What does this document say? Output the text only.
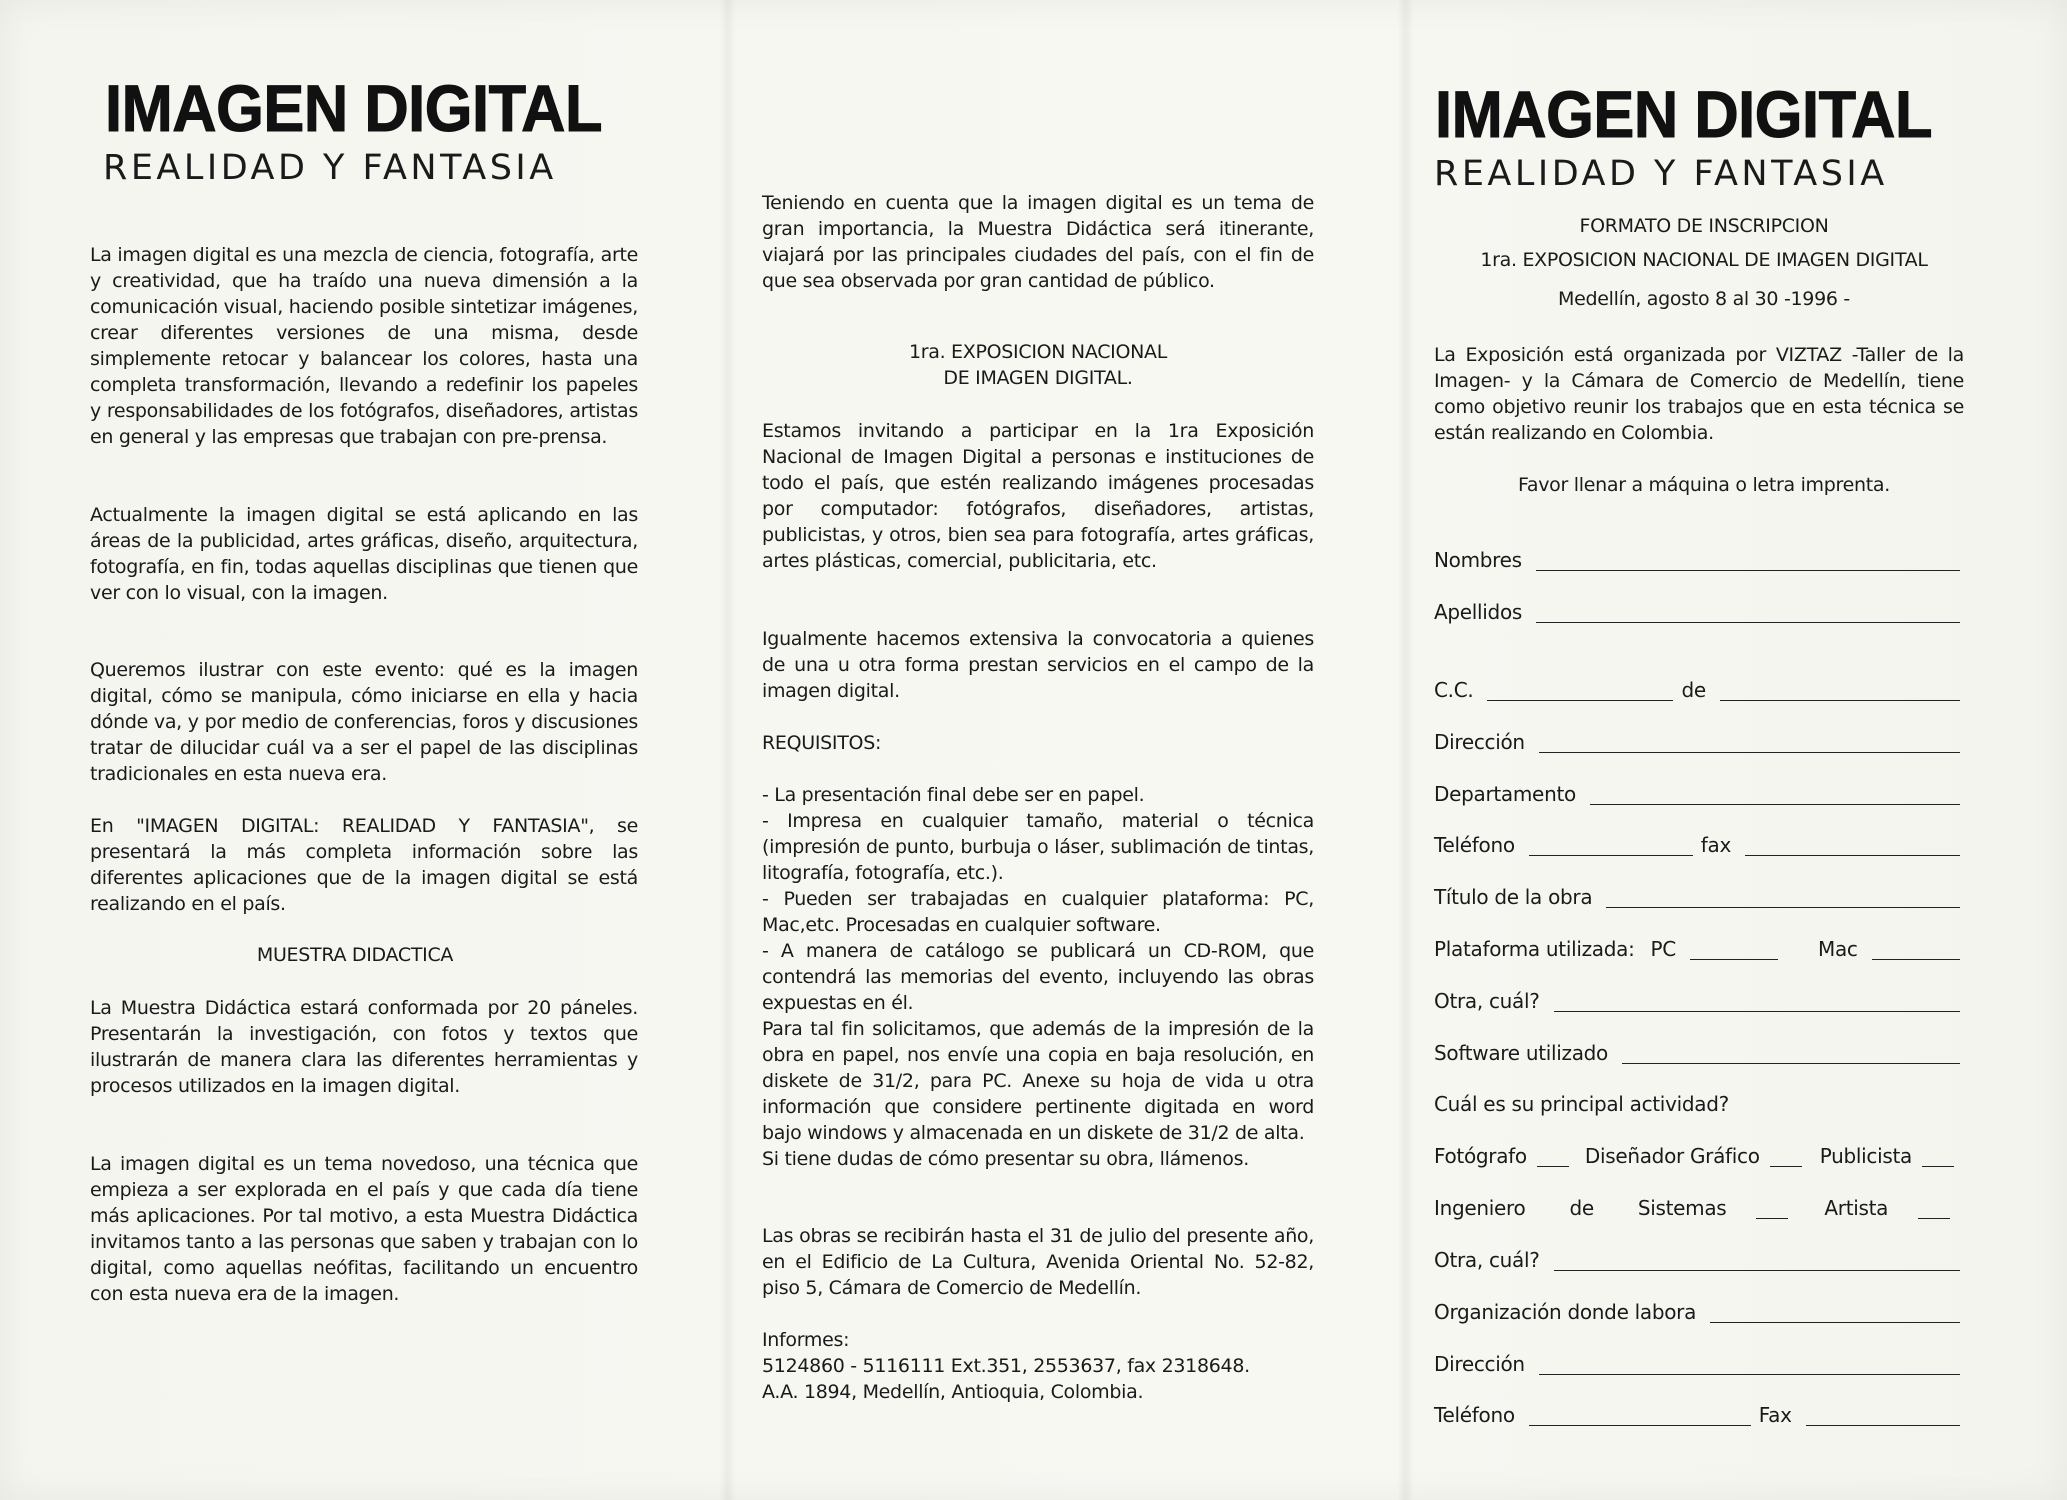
IMAGEN DIGITAL
REALIDAD Y FANTASIA

La imagen digital es una mezcla de ciencia, fotografía, arte y creatividad, que ha traído una nueva dimensión a la comunicación visual, haciendo posible sintetizar imágenes, crear diferentes versiones de una misma, desde simplemente retocar y balancear los colores, hasta una completa transformación, llevando a redefinir los papeles y responsabilidades de los fotógrafos, diseñadores, artistas en general y las empresas que trabajan con pre-prensa.

Actualmente la imagen digital se está aplicando en las áreas de la publicidad, artes gráficas, diseño, arquitectura, fotografía, en fin, todas aquellas disciplinas que tienen que ver con lo visual, con la imagen.

Queremos ilustrar con este evento: qué es la imagen digital, cómo se manipula, cómo iniciarse en ella y hacia dónde va, y por medio de conferencias, foros y discusiones tratar de dilucidar cuál va a ser el papel de las disciplinas tradicionales en esta nueva era.

En "IMAGEN DIGITAL: REALIDAD Y FANTASIA", se presentará la más completa información sobre las diferentes aplicaciones que de la imagen digital se está realizando en el país.

MUESTRA DIDACTICA

La Muestra Didáctica estará conformada por 20 páneles. Presentarán la investigación, con fotos y textos que ilustrarán de manera clara las diferentes herramientas y procesos utilizados en la imagen digital.

La imagen digital es un tema novedoso, una técnica que empieza a ser explorada en el país y que cada día tiene más aplicaciones. Por tal motivo, a esta Muestra Didáctica invitamos tanto a las personas que saben y trabajan con lo digital, como aquellas neófitas, facilitando un encuentro con esta nueva era de la imagen.

Teniendo en cuenta que la imagen digital es un tema de gran importancia, la Muestra Didáctica será itinerante, viajará por las principales ciudades del país, con el fin de que sea observada por gran cantidad de público.

1ra. EXPOSICION NACIONAL
DE IMAGEN DIGITAL.

Estamos invitando a participar en la 1ra Exposición Nacional de Imagen Digital a personas e instituciones de todo el país, que estén realizando imágenes procesadas por computador: fotógrafos, diseñadores, artistas, publicistas, y otros, bien sea para fotografía, artes gráficas, artes plásticas, comercial, publicitaria, etc.

Igualmente hacemos extensiva la convocatoria a quienes de una u otra forma prestan servicios en el campo de la imagen digital.

REQUISITOS:

- La presentación final debe ser en papel.
- Impresa en cualquier tamaño, material o técnica (impresión de punto, burbuja o láser, sublimación de tintas, litografía, fotografía, etc.).
- Pueden ser trabajadas en cualquier plataforma: PC, Mac,etc. Procesadas en cualquier software.
- A manera de catálogo se publicará un CD-ROM, que contendrá las memorias del evento, incluyendo las obras expuestas en él.
Para tal fin solicitamos, que además de la impresión de la obra en papel, nos envíe una copia en baja resolución, en diskete de 31/2, para PC. Anexe su hoja de vida u otra información que considere pertinente digitada en word bajo windows y almacenada en un diskete de 31/2 de alta.
Si tiene dudas de cómo presentar su obra, llámenos.

Las obras se recibirán hasta el 31 de julio del presente año, en el Edificio de La Cultura, Avenida Oriental No. 52-82, piso 5, Cámara de Comercio de Medellín.

Informes:
5124860 - 5116111 Ext.351, 2553637, fax 2318648.
A.A. 1894, Medellín, Antioquia, Colombia.
IMAGEN DIGITAL
REALIDAD Y FANTASIA
FORMATO DE INSCRIPCION
1ra. EXPOSICION NACIONAL DE IMAGEN DIGITAL
Medellín, agosto 8 al 30 -1996 -

La Exposición está organizada por VIZTAZ -Taller de la Imagen- y la Cámara de Comercio de Medellín, tiene como objetivo reunir los trabajos que en esta técnica se están realizando en Colombia.

Favor llenar a máquina o letra imprenta.
Nombres
Apellidos
C.C.	de
Dirección
Departamento
Teléfono	fax
Título de la obra
Plataforma utilizada: PC	Mac
Otra, cuál?
Software utilizado
Cuál es su principal actividad?
Fotógrafo	Diseñador Gráfico	Publicista
Ingeniero de Sistemas	Artista
Otra, cuál?
Organización donde labora
Dirección
Teléfono	Fax
